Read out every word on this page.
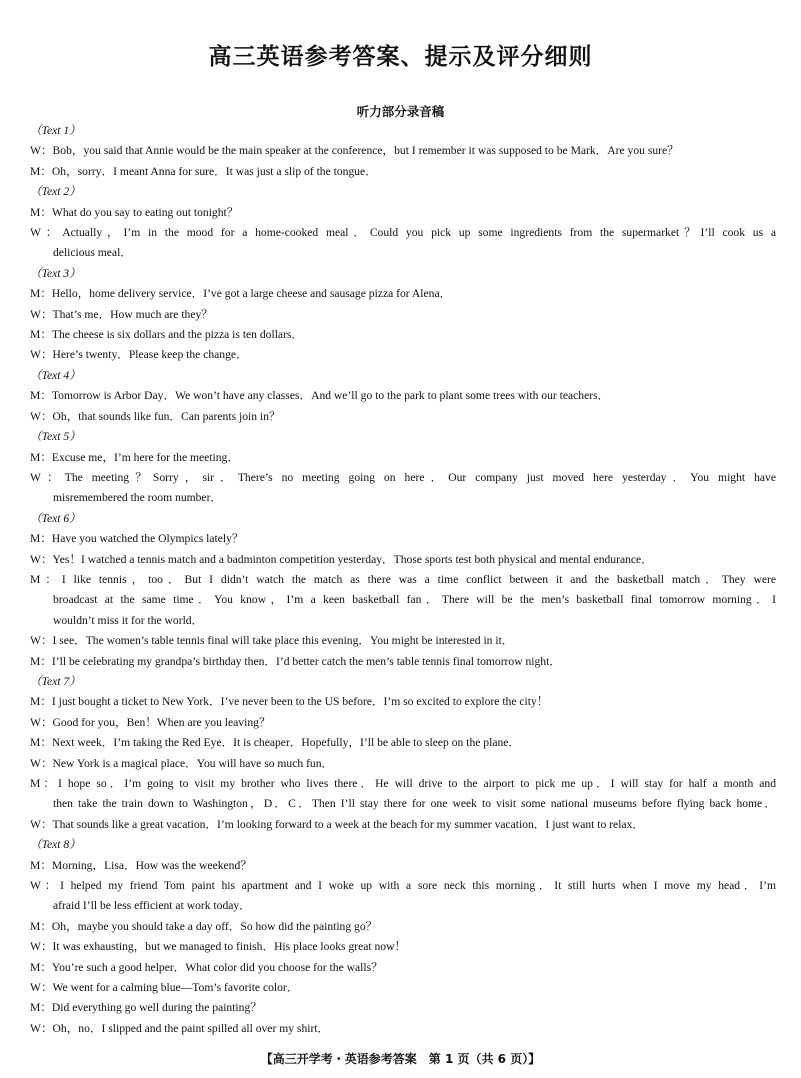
高三英语参考答案、提示及评分细则
听力部分录音稿
（Text 1）
W：Bob，you said that Annie would be the main speaker at the conference，but I remember it was supposed to be Mark．Are you sure？
M：Oh，sorry．I meant Anna for sure．It was just a slip of the tongue．
（Text 2）
M：What do you say to eating out tonight？
W：Actually，I’m in the mood for a home-cooked meal．Could you pick up some ingredients from the supermarket？I’ll cook us a
delicious meal．
（Text 3）
M：Hello，home delivery service．I’ve got a large cheese and sausage pizza for Alena．
W：That’s me．How much are they？
M：The cheese is six dollars and the pizza is ten dollars．
W：Here’s twenty．Please keep the change．
（Text 4）
M：Tomorrow is Arbor Day．We won’t have any classes．And we’ll go to the park to plant some trees with our teachers．
W：Oh，that sounds like fun．Can parents join in？
（Text 5）
M：Excuse me，I’m here for the meeting．
W：The meeting？Sorry，sir．There’s no meeting going on here．Our company just moved here yesterday．You might have
misremembered the room number．
（Text 6）
M：Have you watched the Olympics lately？
W：Yes！I watched a tennis match and a badminton competition yesterday．Those sports test both physical and mental endurance．
M：I like tennis，too．But I didn’t watch the match as there was a time conflict between it and the basketball match．They were
broadcast at the same time．You know，I’m a keen basketball fan．There will be the men’s basketball final tomorrow morning．I
wouldn’t miss it for the world．
W：I see．The women’s table tennis final will take place this evening．You might be interested in it．
M：I’ll be celebrating my grandpa’s birthday then．I’d better catch the men’s table tennis final tomorrow night．
（Text 7）
M：I just bought a ticket to New York．I’ve never been to the US before．I’m so excited to explore the city！
W：Good for you，Ben！When are you leaving？
M：Next week．I’m taking the Red Eye．It is cheaper．Hopefully，I’ll be able to sleep on the plane．
W：New York is a magical place．You will have so much fun．
M：I hope so．I’m going to visit my brother who lives there．He will drive to the airport to pick me up．I will stay for half a month and
then take the train down to Washington，D．C．Then I’ll stay there for one week to visit some national museums before flying back home．
W：That sounds like a great vacation．I’m looking forward to a week at the beach for my summer vacation．I just want to relax．
（Text 8）
M：Morning，Lisa．How was the weekend？
W：I helped my friend Tom paint his apartment and I woke up with a sore neck this morning．It still hurts when I move my head．I’m
afraid I’ll be less efficient at work today．
M：Oh，maybe you should take a day off．So how did the painting go？
W：It was exhausting，but we managed to finish．His place looks great now！
M：You’re such a good helper．What color did you choose for the walls？
W：We went for a calming blue—Tom’s favorite color．
M：Did everything go well during the painting？
W：Oh，no．I slipped and the paint spilled all over my shirt．
【高三开学考・英语参考答案　第 1 页（共 6 页）】
